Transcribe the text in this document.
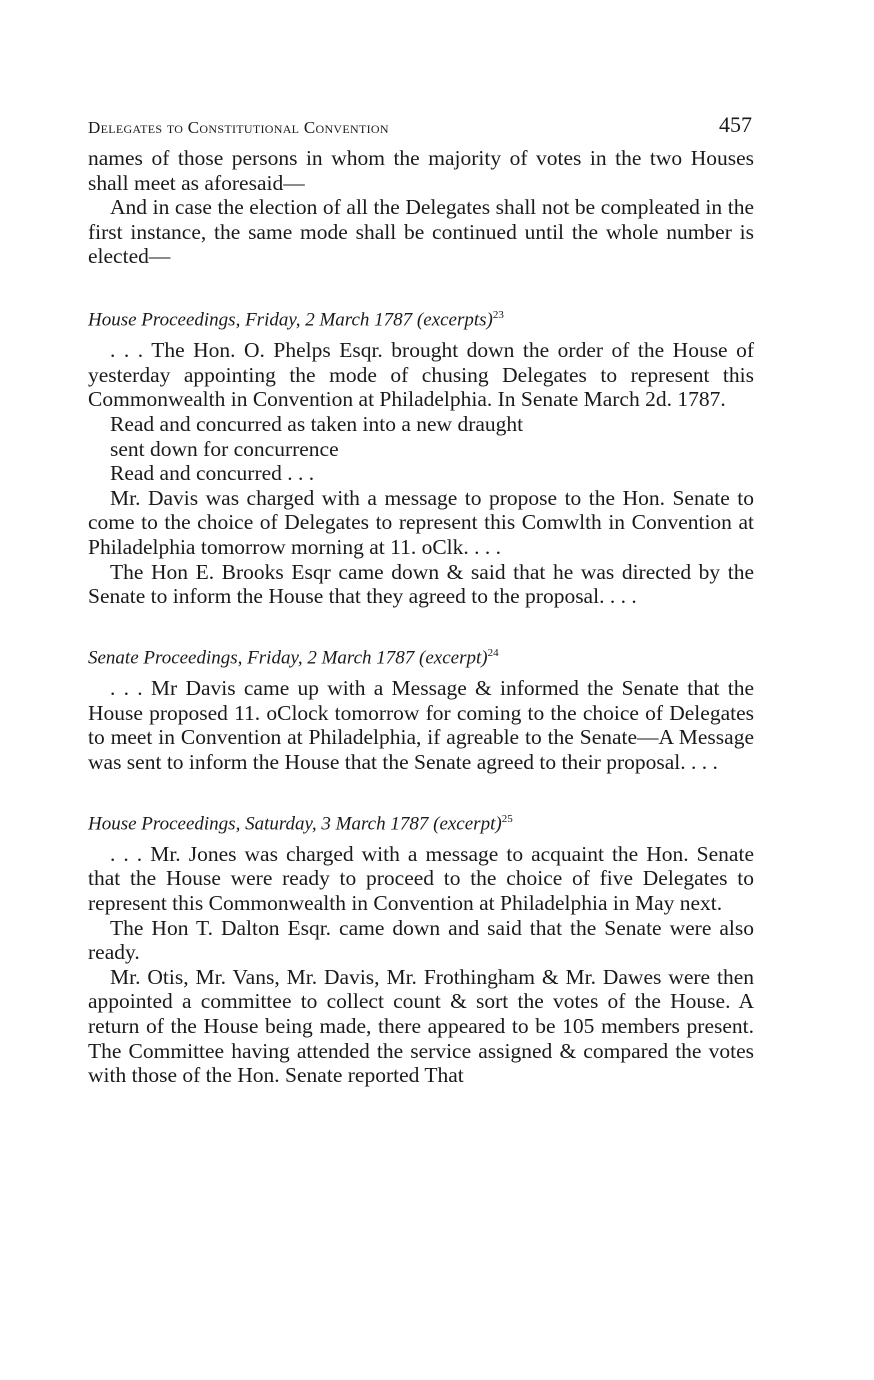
Delegates to Constitutional Convention	457

names of those persons in whom the majority of votes in the two Houses shall meet as aforesaid—

And in case the election of all the Delegates shall not be compleated in the first instance, the same mode shall be continued until the whole number is elected—

House Proceedings, Friday, 2 March 1787 (excerpts)$^{23}$

. . . The Hon. O. Phelps Esqr. brought down the order of the House of yesterday appointing the mode of chusing Delegates to represent this Commonwealth in Convention at Philadelphia. In Senate March 2d. 1787.

Read and concurred as taken into a new draught
sent down for concurrence
Read and concurred . . .

Mr. Davis was charged with a message to propose to the Hon. Senate to come to the choice of Delegates to represent this Comwlth in Convention at Philadelphia tomorrow morning at 11. oClk. . . .

The Hon E. Brooks Esqr came down & said that he was directed by the Senate to inform the House that they agreed to the proposal. . . .

Senate Proceedings, Friday, 2 March 1787 (excerpt)$^{24}$

. . . Mr Davis came up with a Message & informed the Senate that the House proposed 11. oClock tomorrow for coming to the choice of Delegates to meet in Convention at Philadelphia, if agreable to the Senate—A Message was sent to inform the House that the Senate agreed to their proposal. . . .

House Proceedings, Saturday, 3 March 1787 (excerpt)$^{25}$

. . . Mr. Jones was charged with a message to acquaint the Hon. Senate that the House were ready to proceed to the choice of five Delegates to represent this Commonwealth in Convention at Philadelphia in May next.

The Hon T. Dalton Esqr. came down and said that the Senate were also ready.

Mr. Otis, Mr. Vans, Mr. Davis, Mr. Frothingham & Mr. Dawes were then appointed a committee to collect count & sort the votes of the House. A return of the House being made, there appeared to be 105 members present. The Committee having attended the service assigned & compared the votes with those of the Hon. Senate reported That
